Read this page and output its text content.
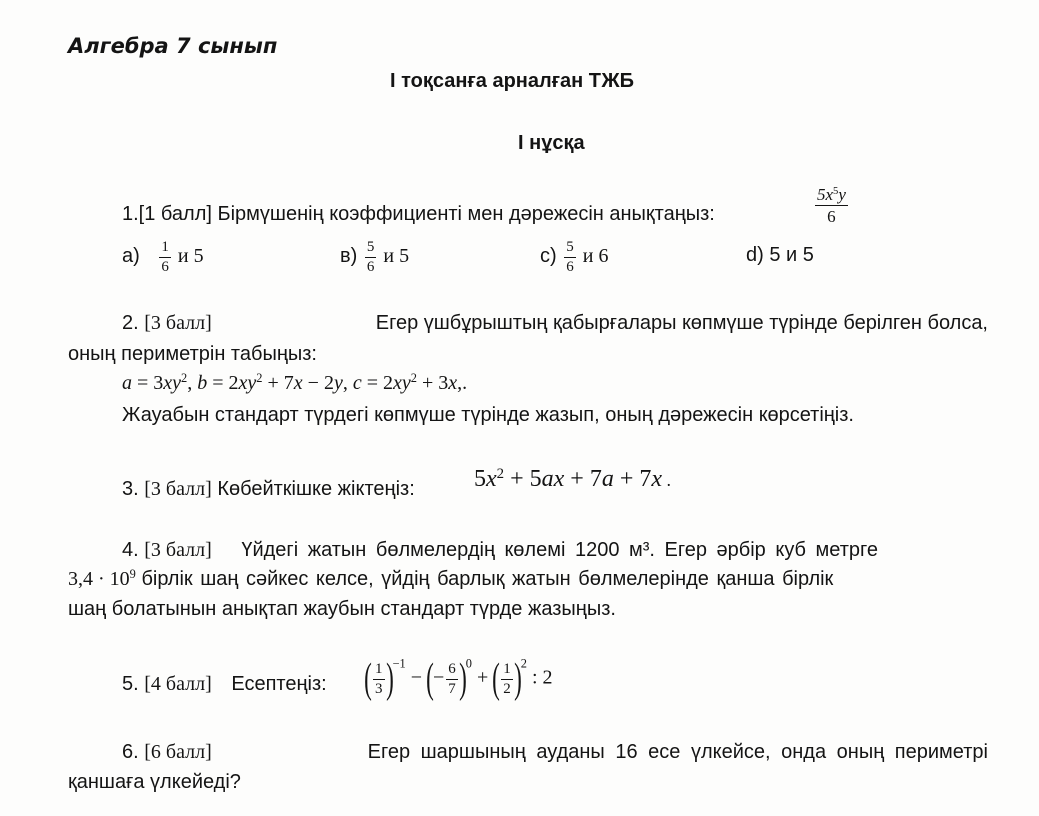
Алгебра 7 сынып
I тоқсанға арналған ТЖБ
I нұсқа
1.[1 балл] Бірмүшенің коэффициенті мен дәрежесін анықтаңыз:	$\frac{5x^5y}{6}$
$а) \frac{1}{6}$ и 5	$в) \frac{5}{6}$ и 5	$с) \frac{5}{6}$ и 6	d) 5 и 5
2. [3 балл]	Егер үшбұрыштың қабырғалары көпмүше түрінде берілген болса,
оның периметрін табыңыз:
$a = 3xy^2$, $b = 2xy^2 + 7x - 2y$, $c = 2xy^2 + 3x$,.
Жауабын стандарт түрдегі көпмүше түрінде жазып, оның дәрежесін көрсетіңіз.
3. [3 балл] Көбейткішке жіктеңіз: $5x^2 + 5ax + 7a + 7x$ .
4. [3 балл] Үйдегі жатын бөлмелердің көлемі 1200 м³. Егер әрбір куб метрге
$3,4 \cdot 10^9$ бірлік шаң сәйкес келсе, үйдің барлық жатын бөлмелерінде қанша бірлік
шаң болатынын анықтап жаубын стандарт түрде жазыңыз.
5. [4 балл] Есептеңіз: ( $\frac{1}{3} )^{-1}$ − (− $\frac{6}{7} )^0$ + ( $\frac{1}{2} )^2$ : 2
6. [6 балл]	Егер шаршының ауданы 16 есе үлкейсе, онда оның периметрі
қаншаға үлкейеді?
